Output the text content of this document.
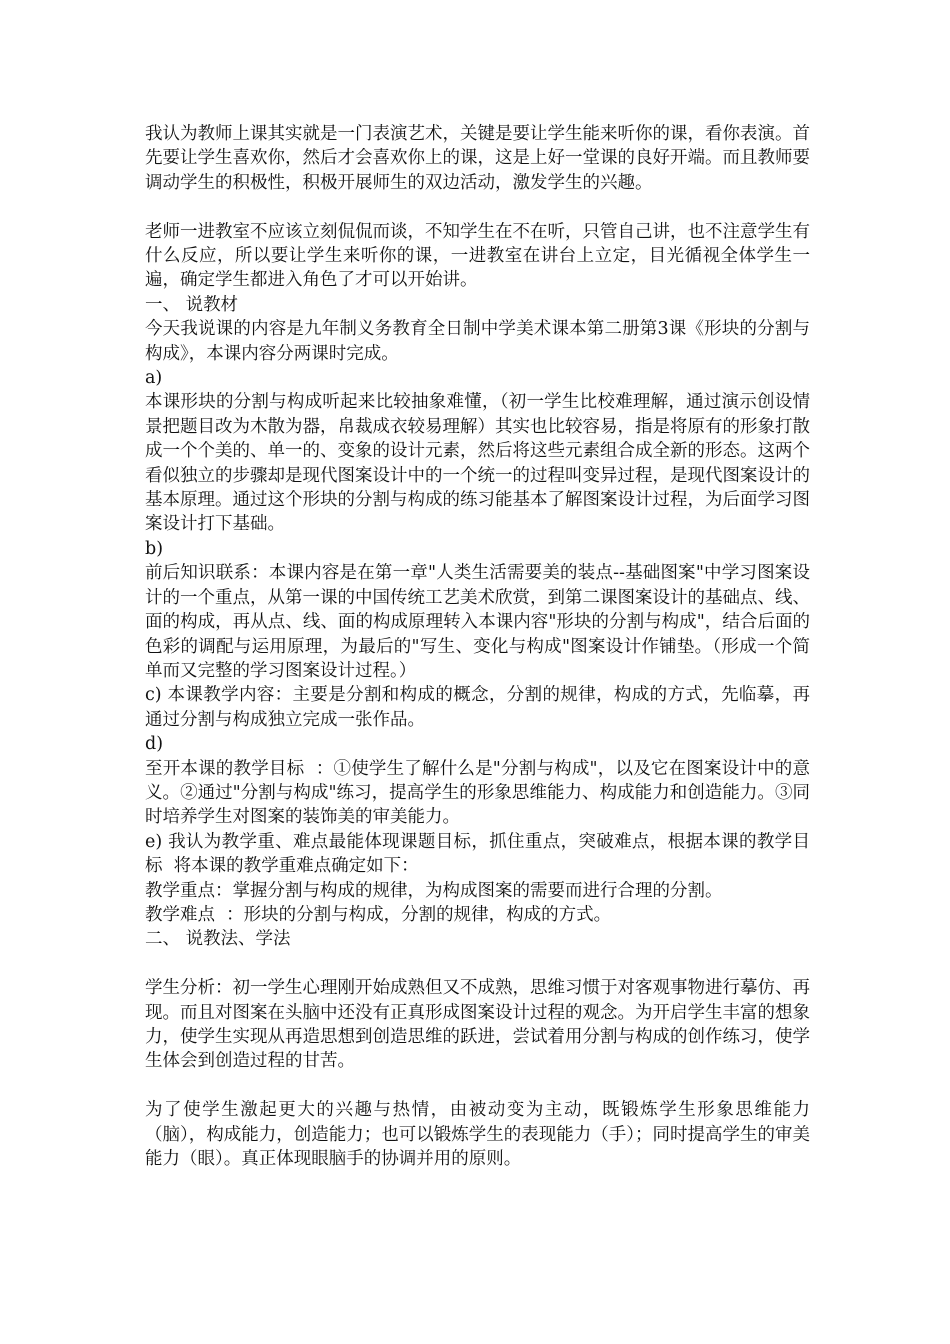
我认为教师上课其实就是一门表演艺术，关键是要让学生能来听你的课，看你表演。首先要让学生喜欢你，然后才会喜欢你上的课，这是上好一堂课的良好开端。而且教师要调动学生的积极性，积极开展师生的双边活动，激发学生的兴趣。

老师一进教室不应该立刻侃侃而谈，不知学生在不在听，只管自己讲，也不注意学生有什么反应，所以要让学生来听你的课，一进教室在讲台上立定，目光循视全体学生一遍，确定学生都进入角色了才可以开始讲。

一、 说教材

今天我说课的内容是九年制义务教育全日制中学美术课本第二册第3课《形块的分割与构成》，本课内容分两课时完成。

a)

本课形块的分割与构成听起来比较抽象难懂，（初一学生比校难理解，通过演示创设情景把题目改为木散为器，帛裁成衣较易理解）其实也比较容易，指是将原有的形象打散成一个个美的、单一的、变象的设计元素，然后将这些元素组合成全新的形态。这两个看似独立的步骤却是现代图案设计中的一个统一的过程叫变异过程，是现代图案设计的基本原理。通过这个形块的分割与构成的练习能基本了解图案设计过程，为后面学习图案设计打下基础。

b)

前后知识联系：本课内容是在第一章"人类生活需要美的装点--基础图案"中学习图案设计的一个重点，从第一课的中国传统工艺美术欣赏，到第二课图案设计的基础点、线、面的构成，再从点、线、面的构成原理转入本课内容"形块的分割与构成"，结合后面的色彩的调配与运用原理，为最后的"写生、变化与构成"图案设计作铺垫。（形成一个简单而又完整的学习图案设计过程。）

c) 本课教学内容：主要是分割和构成的概念，分割的规律，构成的方式，先临摹，再通过分割与构成独立完成一张作品。

d)

至开本课的教学目标  ：①使学生了解什么是"分割与构成"，以及它在图案设计中的意义。②通过"分割与构成"练习，提高学生的形象思维能力、构成能力和创造能力。③同时培养学生对图案的装饰美的审美能力。

e) 我认为教学重、难点最能体现课题目标，抓住重点，突破难点，根据本课的教学目标  将本课的教学重难点确定如下：

教学重点：掌握分割与构成的规律，为构成图案的需要而进行合理的分割。

教学难点  ：形块的分割与构成，分割的规律，构成的方式。

二、 说教法、学法

学生分析：初一学生心理刚开始成熟但又不成熟，思维习惯于对客观事物进行摹仿、再现。而且对图案在头脑中还没有正真形成图案设计过程的观念。为开启学生丰富的想象力，使学生实现从再造思想到创造思维的跃进，尝试着用分割与构成的创作练习，使学生体会到创造过程的甘苦。

为了使学生激起更大的兴趣与热情，由被动变为主动，既锻炼学生形象思维能力（脑），构成能力，创造能力；也可以锻炼学生的表现能力（手）；同时提高学生的审美能力（眼）。真正体现眼脑手的协调并用的原则。
